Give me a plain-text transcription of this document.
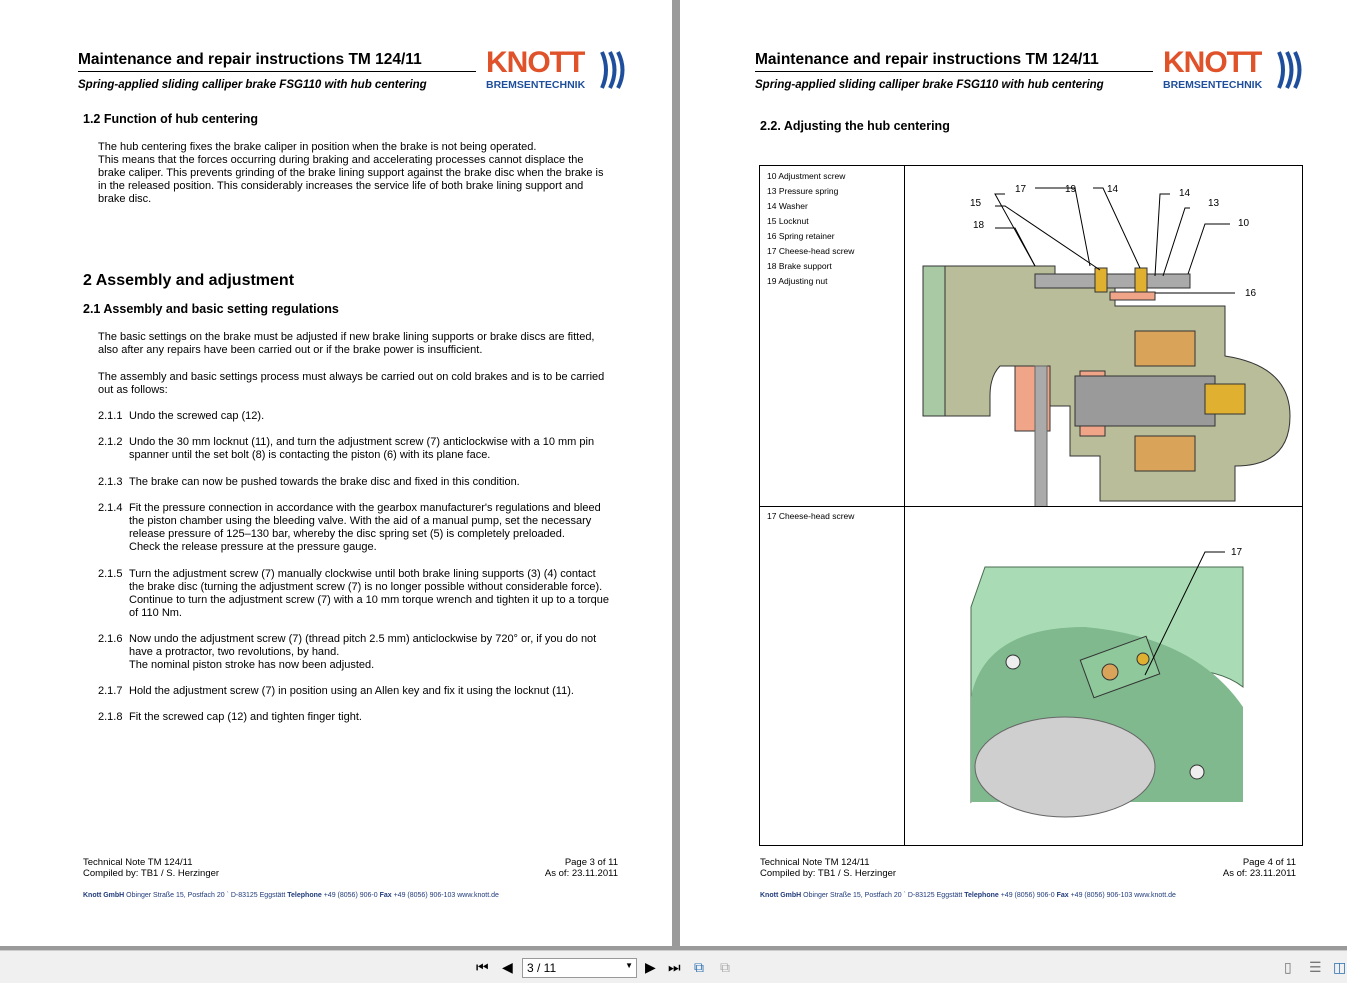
Maintenance and repair instructions TM 124/11
Spring-applied sliding calliper brake FSG110 with hub centering
KNOTT
BREMSENTECHNIK
1.2 Function of hub centering
The hub centering fixes the brake caliper in position when the brake is not being operated.
This means that the forces occurring during braking and accelerating processes cannot displace the
brake caliper. This prevents grinding of the brake lining support against the brake disc when the brake is
in the released position. This considerably increases the service life of both brake lining support and
brake disc.
2 Assembly and adjustment
2.1 Assembly and basic setting regulations
The basic settings on the brake must be adjusted if new brake lining supports or brake discs are fitted,
also after any repairs have been carried out or if the brake power is insufficient.
The assembly and basic settings process must always be carried out on cold brakes and is to be carried
out as follows:
2.1.1 Undo the screwed cap (12).
2.1.2 Undo the 30 mm locknut (11), and turn the adjustment screw (7) anticlockwise with a 10 mm pin
spanner until the set bolt (8) is contacting the piston (6) with its plane face.
2.1.3 The brake can now be pushed towards the brake disc and fixed in this condition.
2.1.4 Fit the pressure connection in accordance with the gearbox manufacturer's regulations and bleed
the piston chamber using the bleeding valve. With the aid of a manual pump, set the necessary
release pressure of 125–130 bar, whereby the disc spring set (5) is completely preloaded.
Check the release pressure at the pressure gauge.
2.1.5 Turn the adjustment screw (7) manually clockwise until both brake lining supports (3) (4) contact
the brake disc (turning the adjustment screw (7) is no longer possible without considerable force).
Continue to turn the adjustment screw (7) with a 10 mm torque wrench and tighten it up to a torque
of 110 Nm.
2.1.6 Now undo the adjustment screw (7) (thread pitch 2.5 mm) anticlockwise by 720° or, if you do not
have a protractor, two revolutions, by hand.
The nominal piston stroke has now been adjusted.
2.1.7 Hold the adjustment screw (7) in position using an Allen key and fix it using the locknut (11).
2.1.8 Fit the screwed cap (12) and tighten finger tight.
Technical Note TM 124/11
Compiled by: TB1 / S. Herzinger
Page 3 of 11
As of: 23.11.2011
Knott GmbH Obinger Straße 15, Postfach 20 ` D-83125 Eggstätt Telephone +49 (8056) 906-0 Fax +49 (8056) 906-103 www.knott.de
Maintenance and repair instructions TM 124/11
Spring-applied sliding calliper brake FSG110 with hub centering
KNOTT
BREMSENTECHNIK
2.2. Adjusting the hub centering
10 Adjustment screw
13 Pressure spring
14 Washer
15 Locknut
16 Spring retainer
17 Cheese-head screw
18 Brake support
19 Adjusting nut
17 Cheese-head screw
17	19	14	14
15	13
18	10
16
17
Technical Note TM 124/11
Compiled by: TB1 / S. Herzinger
Page 4 of 11
As of: 23.11.2011
Knott GmbH Obinger Straße 15, Postfach 20 ` D-83125 Eggstätt Telephone +49 (8056) 906-0 Fax +49 (8056) 906-103 www.knott.de
⏮ ◀	3 / 11	▼ ▶ ⏭ ⧉ ⧉	▯ ☰ ◫
